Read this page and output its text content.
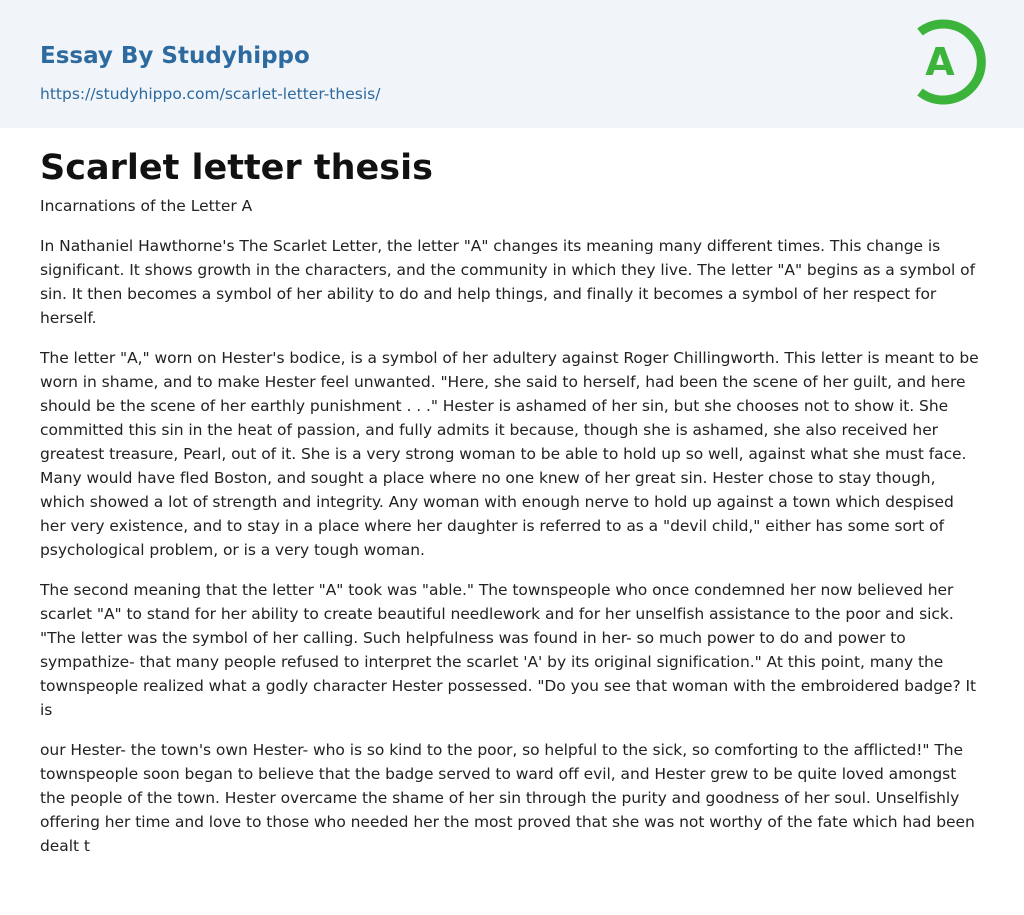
Essay By Studyhippo
https://studyhippo.com/scarlet-letter-thesis/
A
Scarlet letter thesis

Incarnations of the Letter A

In Nathaniel Hawthorne's The Scarlet Letter, the letter "A" changes its meaning many different times. This change is significant. It shows growth in the characters, and the community in which they live. The letter "A" begins as a symbol of sin. It then becomes a symbol of her ability to do and help things, and finally it becomes a symbol of her respect for herself.

The letter "A," worn on Hester's bodice, is a symbol of her adultery against Roger Chillingworth. This letter is meant to be worn in shame, and to make Hester feel unwanted. "Here, she said to herself, had been the scene of her guilt, and here should be the scene of her earthly punishment . . ." Hester is ashamed of her sin, but she chooses not to show it. She committed this sin in the heat of passion, and fully admits it because, though she is ashamed, she also received her greatest treasure, Pearl, out of it. She is a very strong woman to be able to hold up so well, against what she must face. Many would have fled Boston, and sought a place where no one knew of her great sin. Hester chose to stay though, which showed a lot of strength and integrity. Any woman with enough nerve to hold up against a town which despised her very existence, and to stay in a place where her daughter is referred to as a "devil child," either has some sort of psychological problem, or is a very tough woman.

The second meaning that the letter "A" took was "able." The townspeople who once condemned her now believed her scarlet "A" to stand for her ability to create beautiful needlework and for her unselfish assistance to the poor and sick. "The letter was the symbol of her calling. Such helpfulness was found in her- so much power to do and power to sympathize- that many people refused to interpret the scarlet 'A' by its original signification." At this point, many the townspeople realized what a godly character Hester possessed. "Do you see that woman with the embroidered badge? It is

our Hester- the town's own Hester- who is so kind to the poor, so helpful to the sick, so comforting to the afflicted!" The townspeople soon began to believe that the badge served to ward off evil, and Hester grew to be quite loved amongst the people of the town. Hester overcame the shame of her sin through the purity and goodness of her soul. Unselfishly offering her time and love to those who needed her the most proved that she was not worthy of the fate which had been dealt t
